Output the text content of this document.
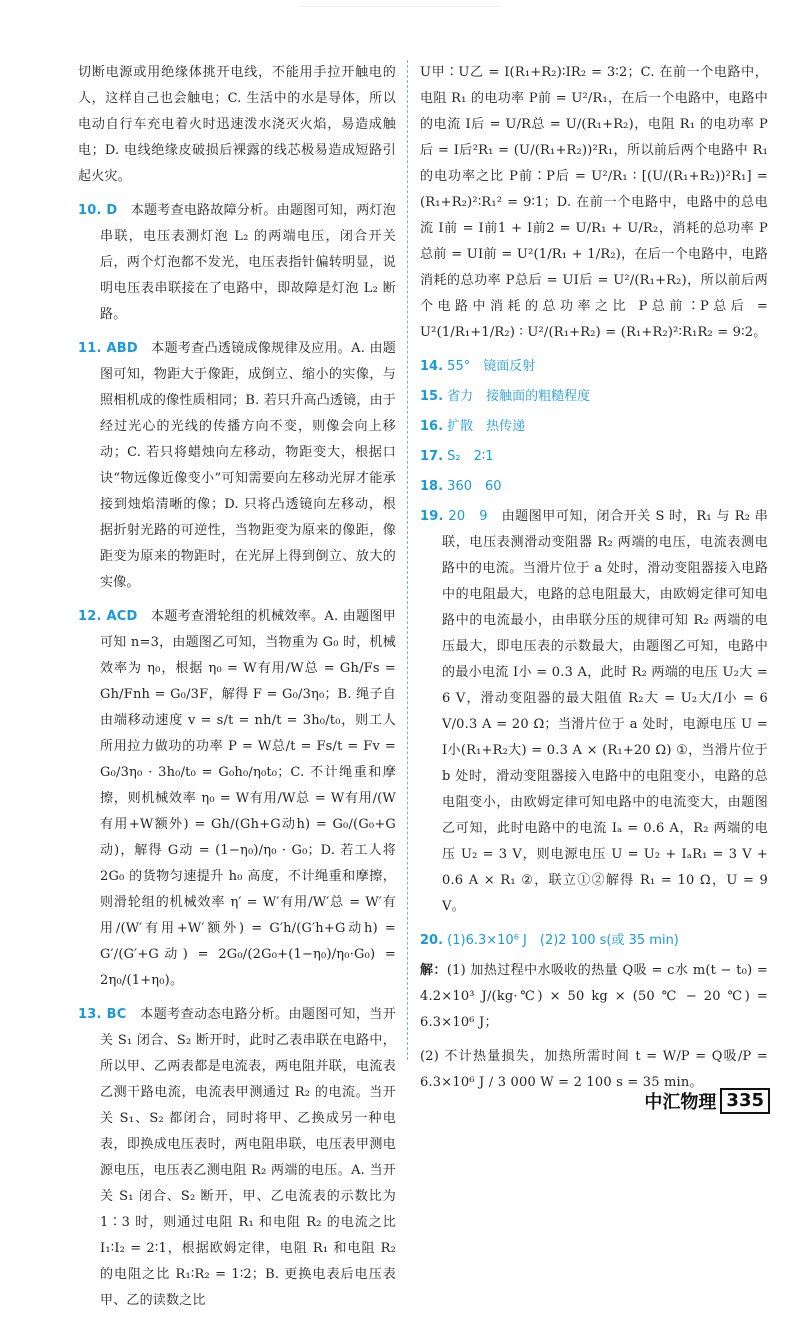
切断电源或用绝缘体挑开电线，不能用手拉开触电的人，这样自己也会触电；C. 生活中的水是导体，所以电动自行车充电着火时迅速泼水浇灭火焰，易造成触电；D. 电线绝缘皮破损后裸露的线芯极易造成短路引起火灾。

10. D　 本题考查电路故障分析。由题图可知，两灯泡串联，电压表测灯泡 L₂ 的两端电压，闭合开关后，两个灯泡都不发光，电压表指针偏转明显，说明电压表串联接在了电路中，即故障是灯泡 L₂ 断路。

11. ABD　 本题考查凸透镜成像规律及应用。A. 由题图可知，物距大于像距，成倒立、缩小的实像，与照相机成的像性质相同；B. 若只升高凸透镜，由于经过光心的光线的传播方向不变，则像会向上移动；C. 若只将蜡烛向左移动，物距变大，根据口诀“物远像近像变小”可知需要向左移动光屏才能承接到烛焰清晰的像；D. 只将凸透镜向左移动，根据折射光路的可逆性，当物距变为原来的像距，像距变为原来的物距时，在光屏上得到倒立、放大的实像。

12. ACD　 本题考查滑轮组的机械效率。A. 由题图甲可知 n=3，由题图乙可知，当物重为 G₀ 时，机械效率为 η₀，根据 η₀ = W有用/W总 = Gh/Fs = Gh/Fnh = G₀/3F，解得 F = G₀/3η₀；B. 绳子自由端移动速度 v = s/t = nh/t = 3h₀/t₀，则工人所用拉力做功的功率 P = W总/t = Fs/t = Fv = G₀/3η₀ · 3h₀/t₀ = G₀h₀/η₀t₀；C. 不计绳重和摩擦，则机械效率 η₀ = W有用/W总 = W有用/(W有用+W额外) = Gh/(Gh+G动h) = G₀/(G₀+G动)，解得 G动 = (1−η₀)/η₀ · G₀；D. 若工人将 2G₀ 的货物匀速提升 h₀ 高度，不计绳重和摩擦，则滑轮组的机械效率 η′ = W′有用/W′总 = W′有用/(W′有用+W′额外) = G′h/(G′h+G动h) = G′/(G′+G动) = 2G₀/(2G₀+(1−η₀)/η₀·G₀) = 2η₀/(1+η₀)。

13. BC　 本题考查动态电路分析。由题图可知，当开关 S₁ 闭合、S₂ 断开时，此时乙表串联在电路中，所以甲、乙两表都是电流表，两电阻并联，电流表乙测干路电流，电流表甲测通过 R₂ 的电流。当开关 S₁、S₂ 都闭合，同时将甲、乙换成另一种电表，即换成电压表时，两电阻串联，电压表甲测电源电压，电压表乙测电阻 R₂ 两端的电压。A. 当开关 S₁ 闭合、S₂ 断开，甲、乙电流表的示数比为 1∶3 时，则通过电阻 R₁ 和电阻 R₂ 的电流之比 I₁∶I₂ = 2∶1，根据欧姆定律，电阻 R₁ 和电阻 R₂ 的电阻之比 R₁∶R₂ = 1∶2；B. 更换电表后电压表甲、乙的读数之比

U甲∶U乙 = I(R₁+R₂)∶IR₂ = 3∶2；C. 在前一个电路中，电阻 R₁ 的电功率 P前 = U²/R₁，在后一个电路中，电路中的电流 I后 = U/R总 = U/(R₁+R₂)，电阻 R₁ 的电功率 P后 = I后²R₁ = (U/(R₁+R₂))²R₁，所以前后两个电路中 R₁ 的电功率之比 P前∶P后 = U²/R₁ ∶ [(U/(R₁+R₂))²R₁] = (R₁+R₂)²∶R₁² = 9∶1；D. 在前一个电路中，电路中的总电流 I前 = I前1 + I前2 = U/R₁ + U/R₂，消耗的总功率 P总前 = UI前 = U²(1/R₁ + 1/R₂)，在后一个电路中，电路消耗的总功率 P总后 = UI后 = U²/(R₁+R₂)，所以前后两个电路中消耗的总功率之比 P总前∶P总后 = U²(1/R₁+1/R₂) ∶ U²/(R₁+R₂) = (R₁+R₂)²∶R₁R₂ = 9∶2。

14. 55°　镜面反射

15. 省力　接触面的粗糙程度

16. 扩散　热传递

17. S₂　2∶1

18. 360　60

19. 20　9　 由题图甲可知，闭合开关 S 时，R₁ 与 R₂ 串联，电压表测滑动变阻器 R₂ 两端的电压，电流表测电路中的电流。当滑片位于 a 处时，滑动变阻器接入电路中的电阻最大，电路的总电阻最大，由欧姆定律可知电路中的电流最小，由串联分压的规律可知 R₂ 两端的电压最大，即电压表的示数最大，由题图乙可知，电路中的最小电流 I小 = 0.3 A，此时 R₂ 两端的电压 U₂大 = 6 V，滑动变阻器的最大阻值 R₂大 = U₂大/I小 = 6 V/0.3 A = 20 Ω；当滑片位于 a 处时，电源电压 U = I小(R₁+R₂大) = 0.3 A × (R₁+20 Ω) ①，当滑片位于 b 处时，滑动变阻器接入电路中的电阻变小，电路的总电阻变小，由欧姆定律可知电路中的电流变大，由题图乙可知，此时电路中的电流 Iₐ = 0.6 A，R₂ 两端的电压 U₂ = 3 V，则电源电压 U = U₂ + IₐR₁ = 3 V + 0.6 A × R₁ ②，联立①②解得 R₁ = 10 Ω，U = 9 V。

20. (1)6.3×10⁶ J　(2)2 100 s(或 35 min)

解：(1) 加热过程中水吸收的热量 Q吸 = c水 m(t − t₀) = 4.2×10³ J/(kg·℃) × 50 kg × (50 ℃ − 20 ℃) = 6.3×10⁶ J；

(2) 不计热量损失，加热所需时间 t = W/P = Q吸/P = 6.3×10⁶ J / 3 000 W = 2 100 s = 35 min。

中汇物理 335
